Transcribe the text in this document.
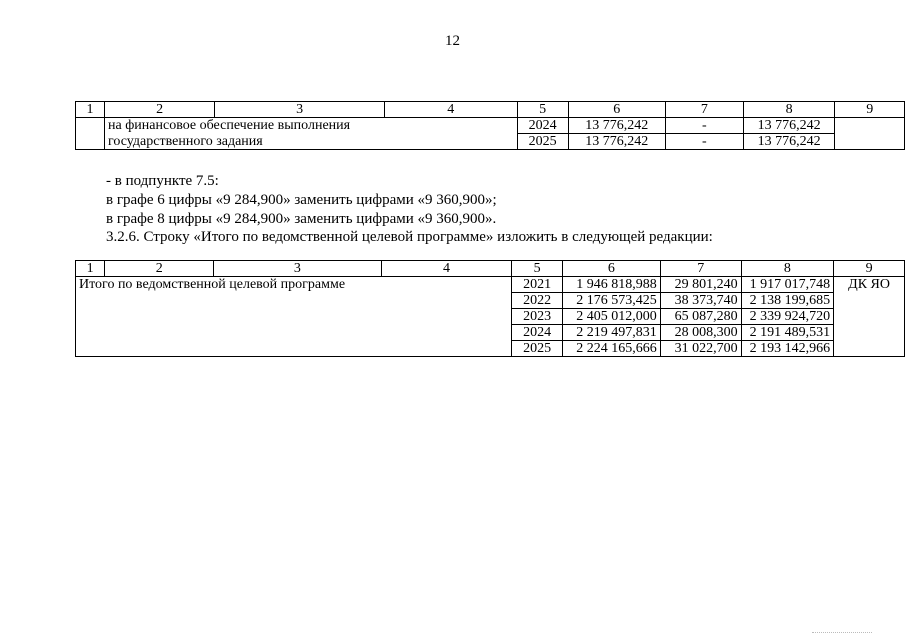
12
1	2	3	4	5	6	7	8	9
	на финансовое обеспечение выполнения			2024	13 776,242	-	13 776,242	
	государственного задания			2025	13 776,242	-	13 776,242	
- в подпункте 7.5:
в графе 6 цифры «9 284,900» заменить цифрами «9 360,900»;
в графе 8 цифры «9 284,900» заменить цифрами «9 360,900».
3.2.6. Строку «Итого по ведомственной целевой программе» изложить в следующей редакции:
1	2	3	4	5	6	7	8	9
Итого по ведомственной целевой программе				2021	1 946 818,988	29 801,240	1 917 017,748	ДК ЯО
				2022	2 176 573,425	38 373,740	2 138 199,685	
				2023	2 405 012,000	65 087,280	2 339 924,720	
				2024	2 219 497,831	28 008,300	2 191 489,531	
				2025	2 224 165,666	31 022,700	2 193 142,966	
